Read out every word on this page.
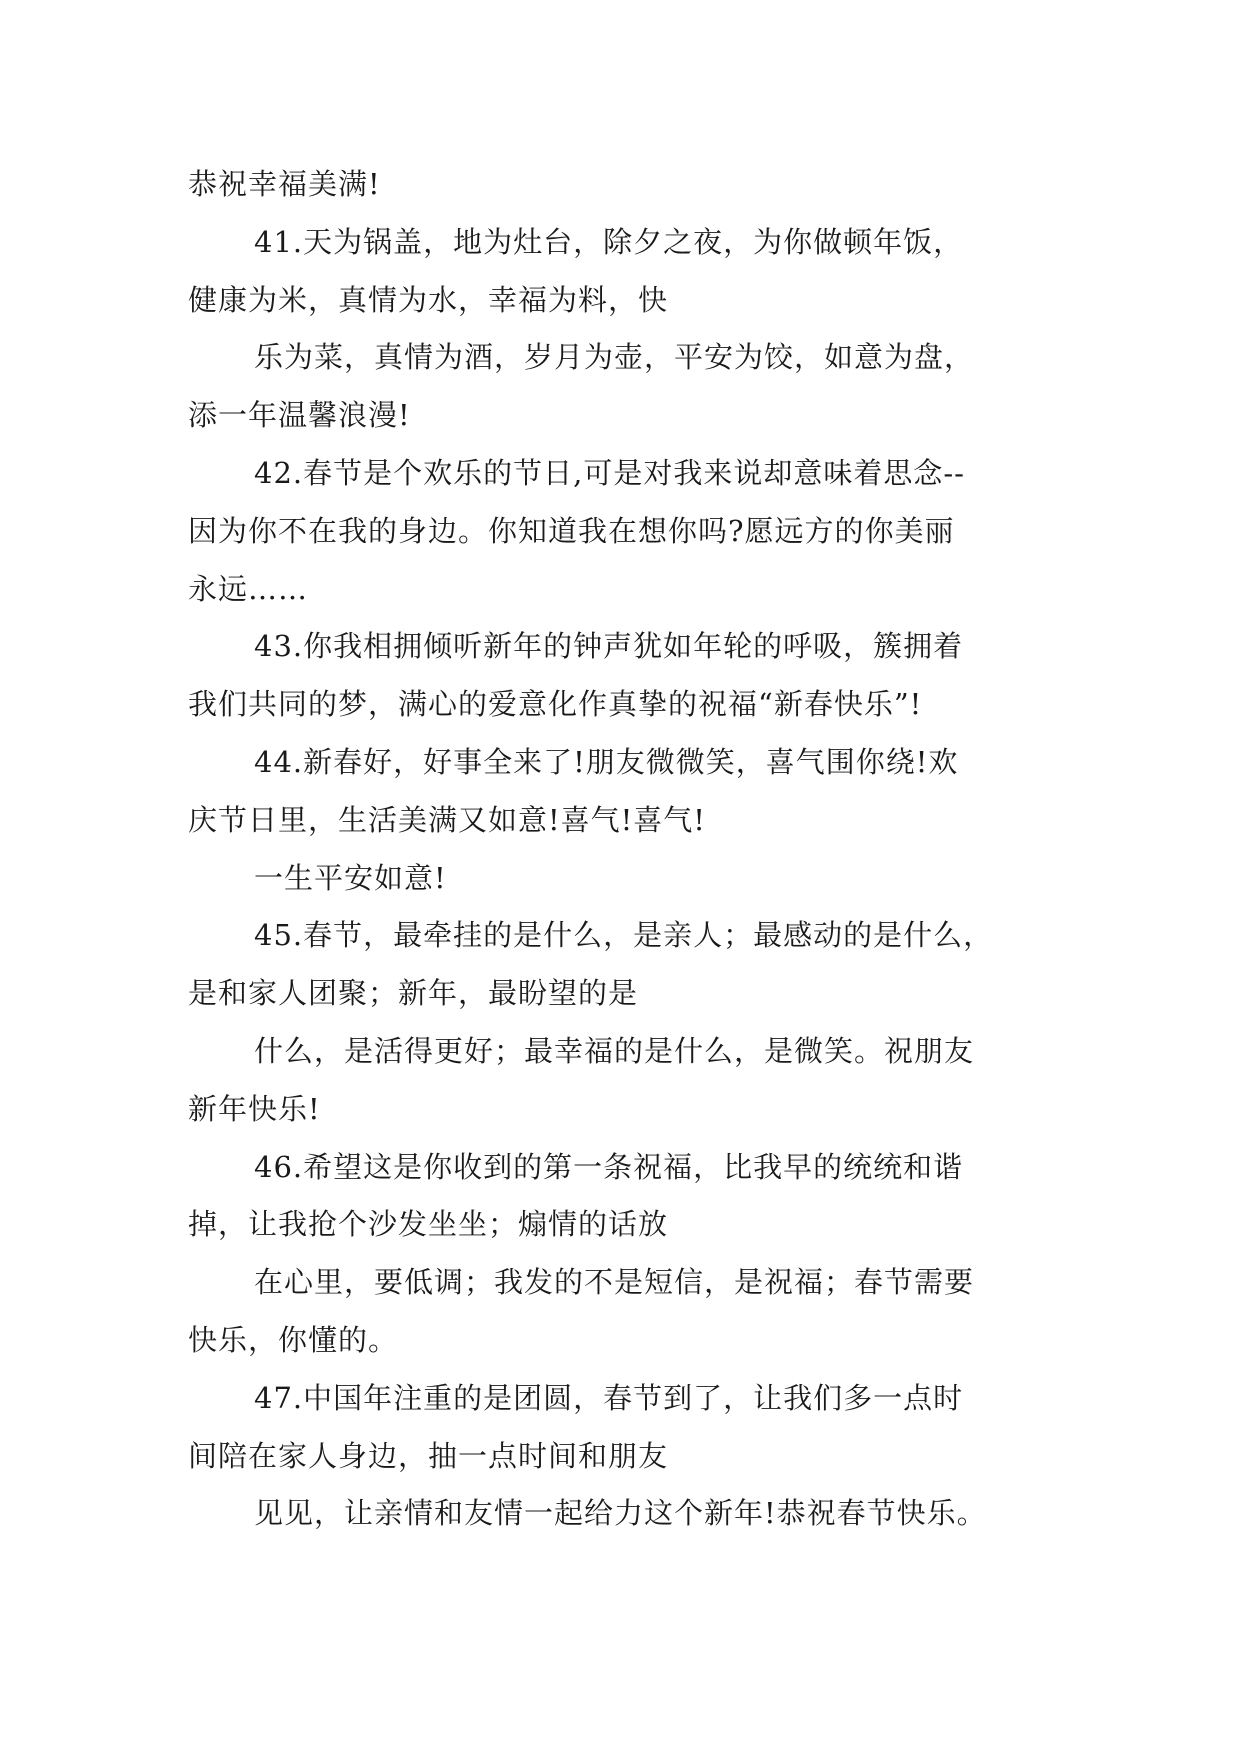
恭祝幸福美满!
41.天为锅盖，地为灶台，除夕之夜，为你做顿年饭，
健康为米，真情为水，幸福为料，快
乐为菜，真情为酒，岁月为壶，平安为饺，如意为盘，
添一年温馨浪漫!
42.春节是个欢乐的节日,可是对我来说却意味着思念--
因为你不在我的身边。你知道我在想你吗?愿远方的你美丽
永远……
43.你我相拥倾听新年的钟声犹如年轮的呼吸，簇拥着
我们共同的梦，满心的爱意化作真挚的祝福“新春快乐”!
44.新春好，好事全来了!朋友微微笑，喜气围你绕!欢
庆节日里，生活美满又如意!喜气!喜气!
一生平安如意!
45.春节，最牵挂的是什么，是亲人；最感动的是什么，
是和家人团聚；新年，最盼望的是
什么，是活得更好；最幸福的是什么，是微笑。祝朋友
新年快乐!
46.希望这是你收到的第一条祝福，比我早的统统和谐
掉，让我抢个沙发坐坐；煽情的话放
在心里，要低调；我发的不是短信，是祝福；春节需要
快乐，你懂的。
47.中国年注重的是团圆，春节到了，让我们多一点时
间陪在家人身边，抽一点时间和朋友
见见，让亲情和友情一起给力这个新年!恭祝春节快乐。
